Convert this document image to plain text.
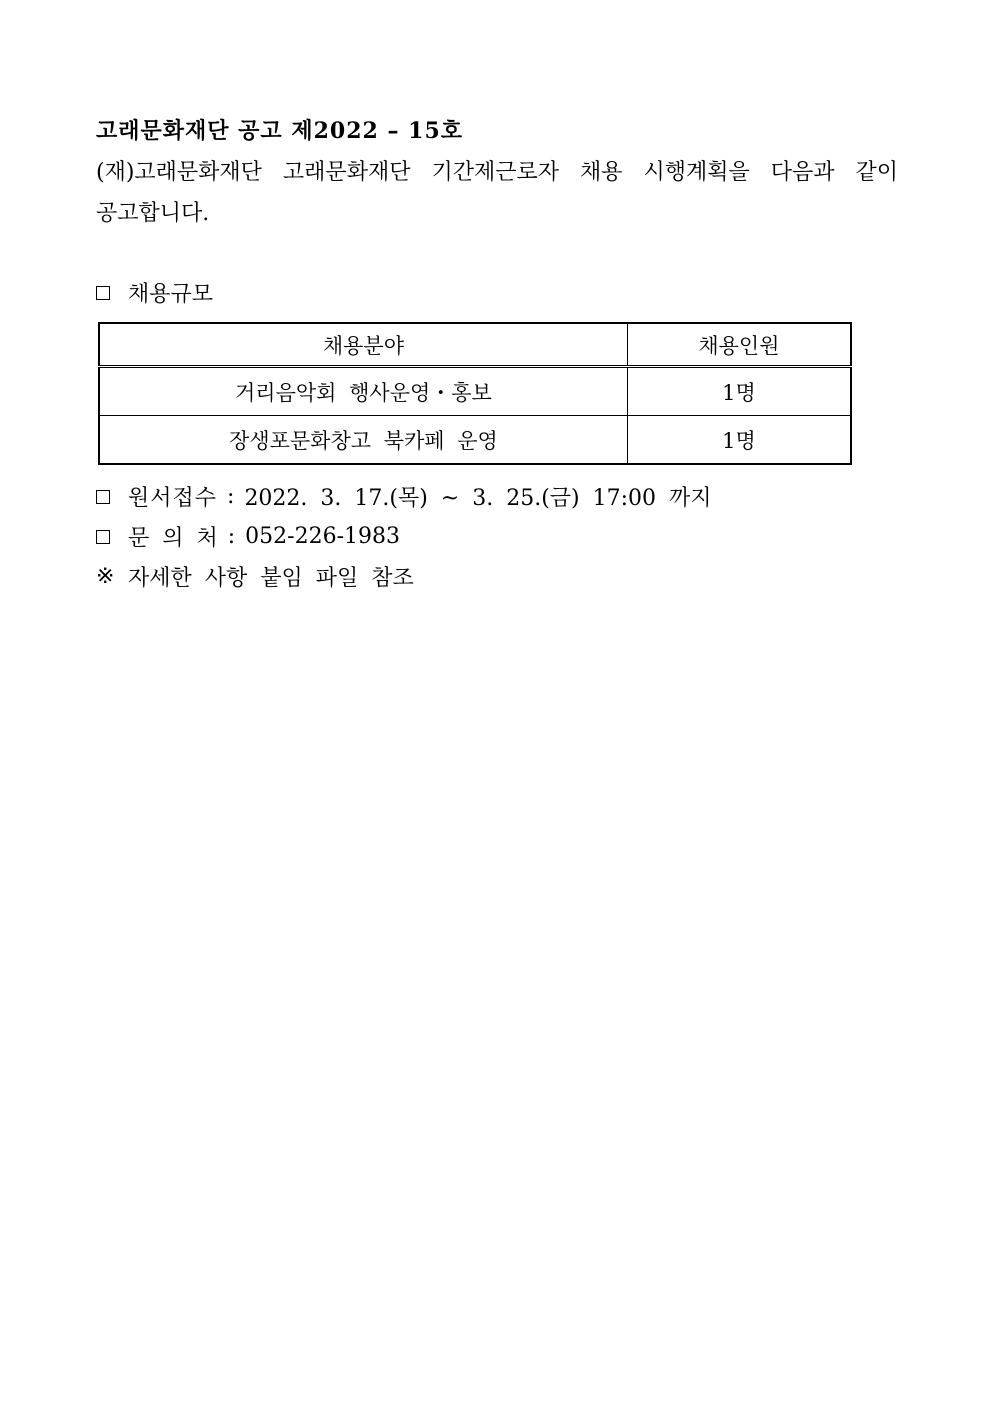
고래문화재단 공고 제2022 – 15호
(재)고래문화재단 고래문화재단 기간제근로자 채용 시행계획을 다음과 같이 공고합니다.
채용규모
채용분야	채용인원
거리음악회 행사운영・홍보	1명
장생포문화창고 북카페 운영	1명
원서접수 : 2022. 3. 17.(목) ~ 3. 25.(금) 17:00 까지
문 의 처 : 052-226-1983
※ 자세한 사항 붙임 파일 참조
